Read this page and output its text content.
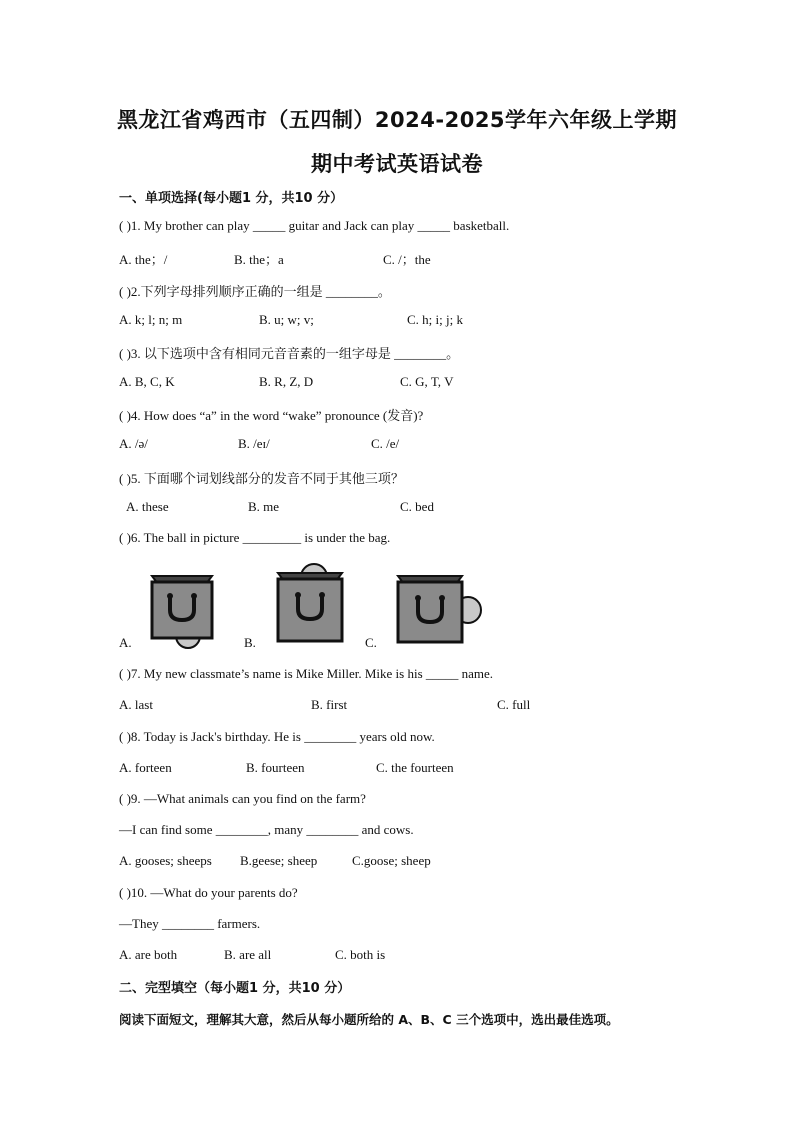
黑龙江省鸡西市（五四制）2024-2025学年六年级上学期
期中考试英语试卷
一、单项选择(每小题1 分，共10 分）
( )1. My brother can play _____ guitar and Jack can play _____ basketball.
A. the；/	B. the；a	C. /；the
( )2.下列字母排列顺序正确的一组是 ________。
A. k; l; n; m	B. u; w; v;	C. h; i; j; k
( )3. 以下选项中含有相同元音音素的一组字母是 ________。
A. B, C, K	B. R, Z, D	C. G, T, V
( )4. How does “a” in the word “wake” pronounce (发音)?
A. /ə/	B. /eɪ/	C. /e/
( )5. 下面哪个词划线部分的发音不同于其他三项？
A. these	B. me	C. bed
( )6. The ball in picture _________ is under the bag.
A.	B.	C.
( )7. My new classmate’s name is Mike Miller. Mike is his _____ name.
A. last	B. first	C. full
( )8. Today is Jack's birthday. He is ________ years old now.
A. forteen	B. fourteen	C. the fourteen
( )9. —What animals can you find on the farm?
—I can find some ________, many ________ and cows.
A. gooses; sheeps B.geese; sheep	C.goose; sheep
( )10. —What do your parents do?
—They ________ farmers.
A. are both	B. are all	C. both is
二、完型填空（每小题1 分，共10 分）
阅读下面短文，理解其大意，然后从每小题所给的 A、B、C 三个选项中，选出最佳选项。
